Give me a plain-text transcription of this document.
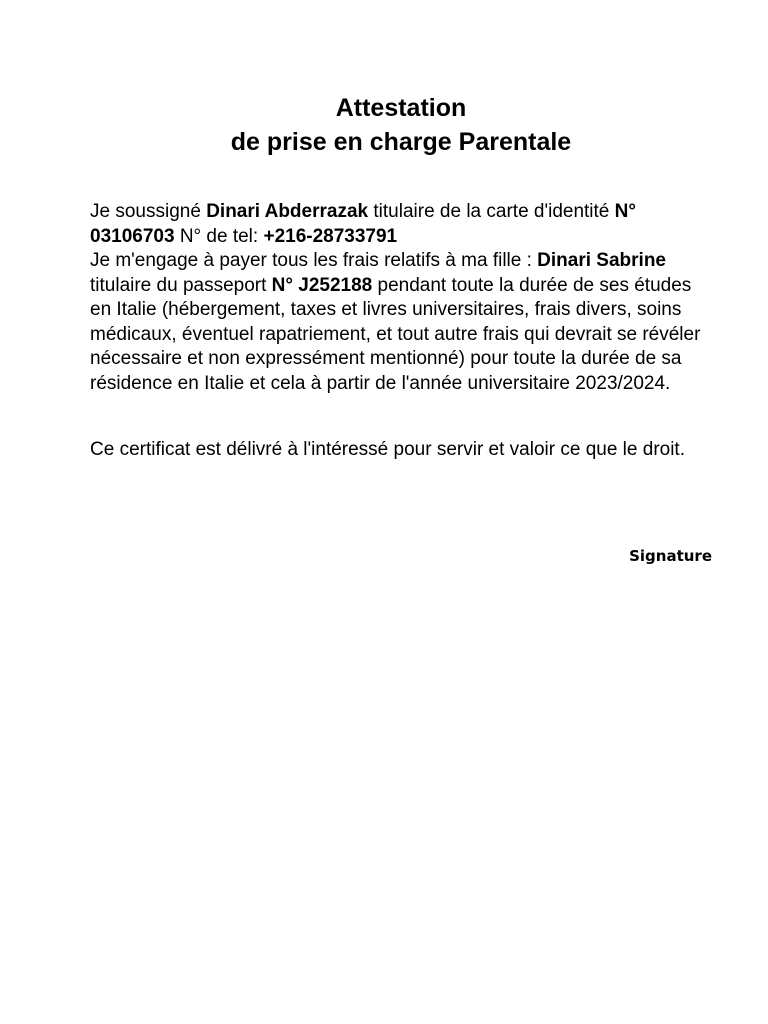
Attestation
de prise en charge Parentale

Je soussigné Dinari Abderrazak titulaire de la carte d'identité N° 03106703 N° de tel: +216-28733791
Je m'engage à payer tous les frais relatifs à ma fille : Dinari Sabrine titulaire du passeport N° J252188 pendant toute la durée de ses études en Italie (hébergement, taxes et livres universitaires, frais divers, soins médicaux, éventuel rapatriement, et tout autre frais qui devrait se révéler nécessaire et non expressément mentionné) pour toute la durée de sa résidence en Italie et cela à partir de l'année universitaire 2023/2024.

Ce certificat est délivré à l'intéressé pour servir et valoir ce que le droit.

Signature
